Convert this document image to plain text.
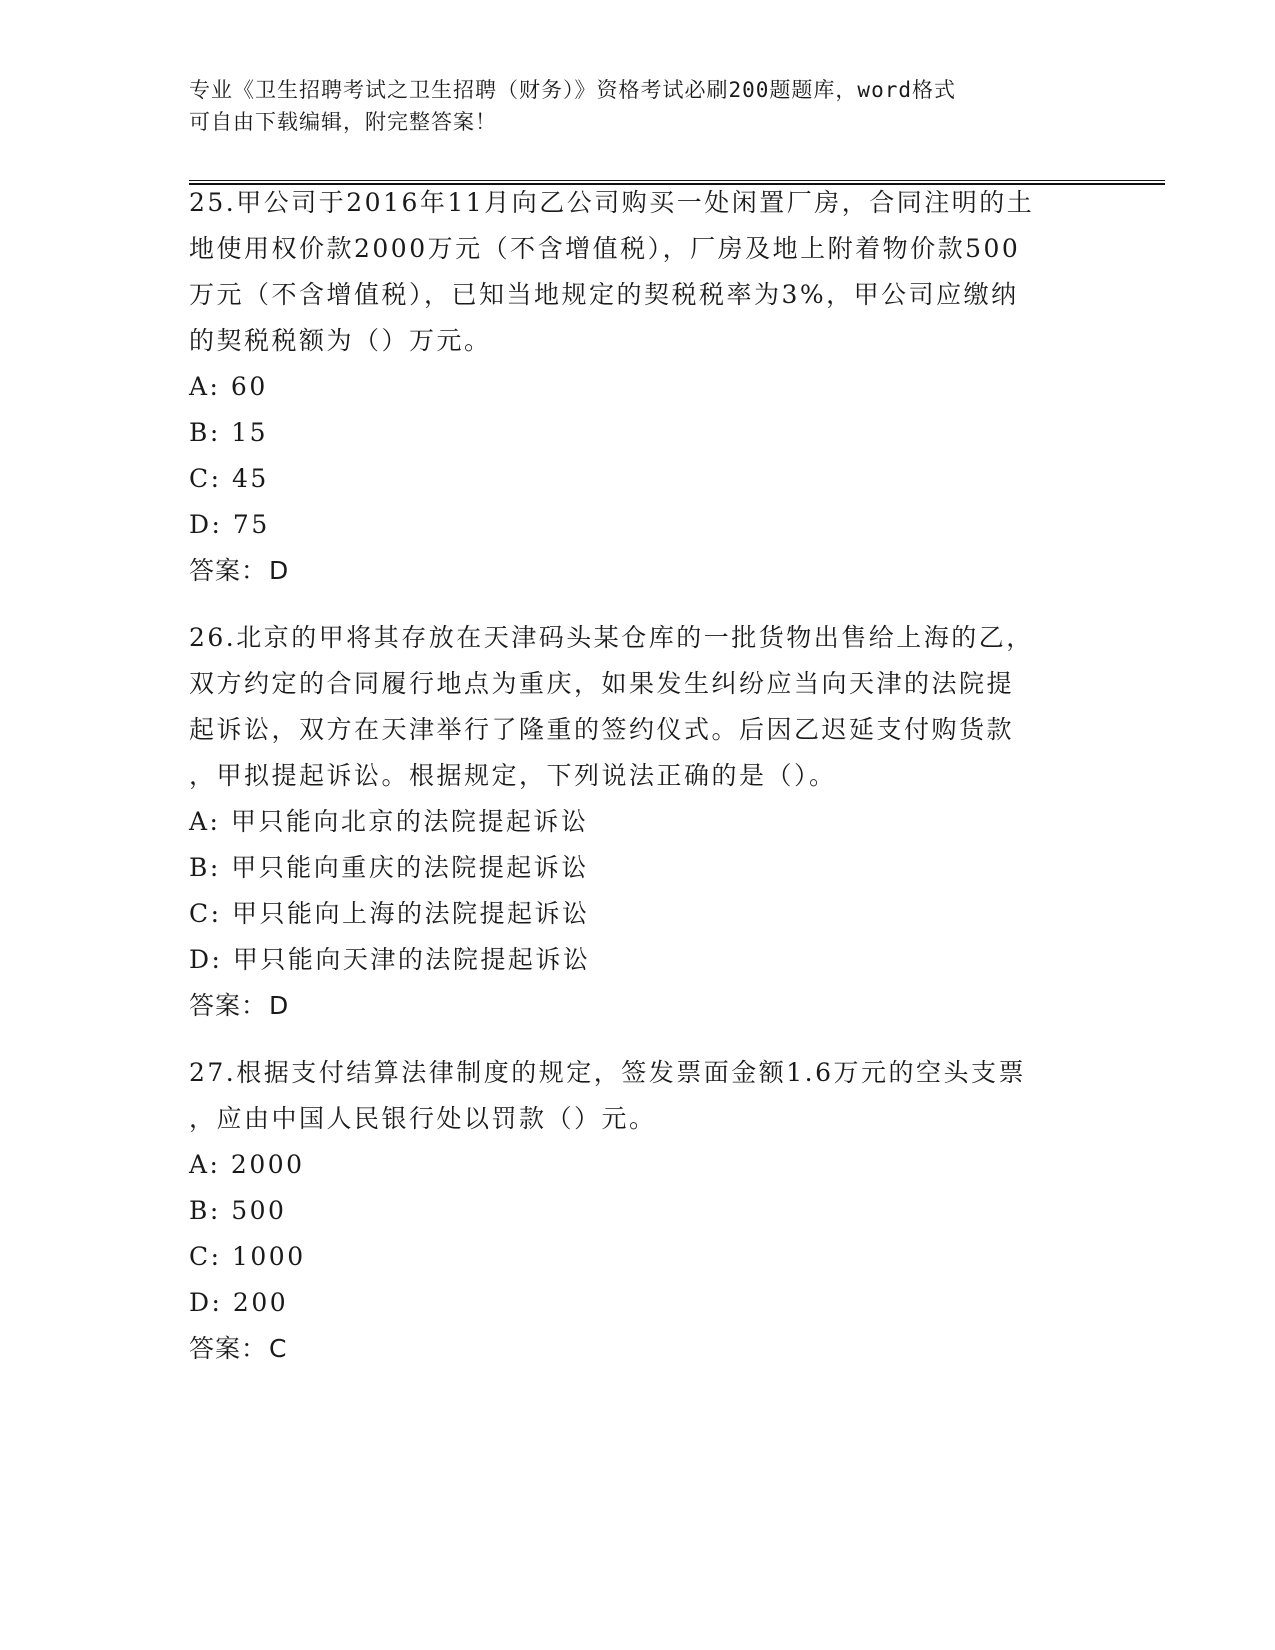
专业《卫生招聘考试之卫生招聘（财务）》资格考试必刷200题题库，word格式
可自由下载编辑，附完整答案！
25.甲公司于2016年11月向乙公司购买一处闲置厂房，合同注明的土
地使用权价款2000万元（不含增值税），厂房及地上附着物价款500
万元（不含增值税），已知当地规定的契税税率为3%，甲公司应缴纳
的契税税额为（）万元。
A: 60
B: 15
C: 45
D: 75
答案：D
26.北京的甲将其存放在天津码头某仓库的一批货物出售给上海的乙，
双方约定的合同履行地点为重庆，如果发生纠纷应当向天津的法院提
起诉讼，双方在天津举行了隆重的签约仪式。后因乙迟延支付购货款
，甲拟提起诉讼。根据规定，下列说法正确的是（）。
A: 甲只能向北京的法院提起诉讼
B: 甲只能向重庆的法院提起诉讼
C: 甲只能向上海的法院提起诉讼
D: 甲只能向天津的法院提起诉讼
答案：D
27.根据支付结算法律制度的规定，签发票面金额1.6万元的空头支票
，应由中国人民银行处以罚款（）元。
A: 2000
B: 500
C: 1000
D: 200
答案：C
